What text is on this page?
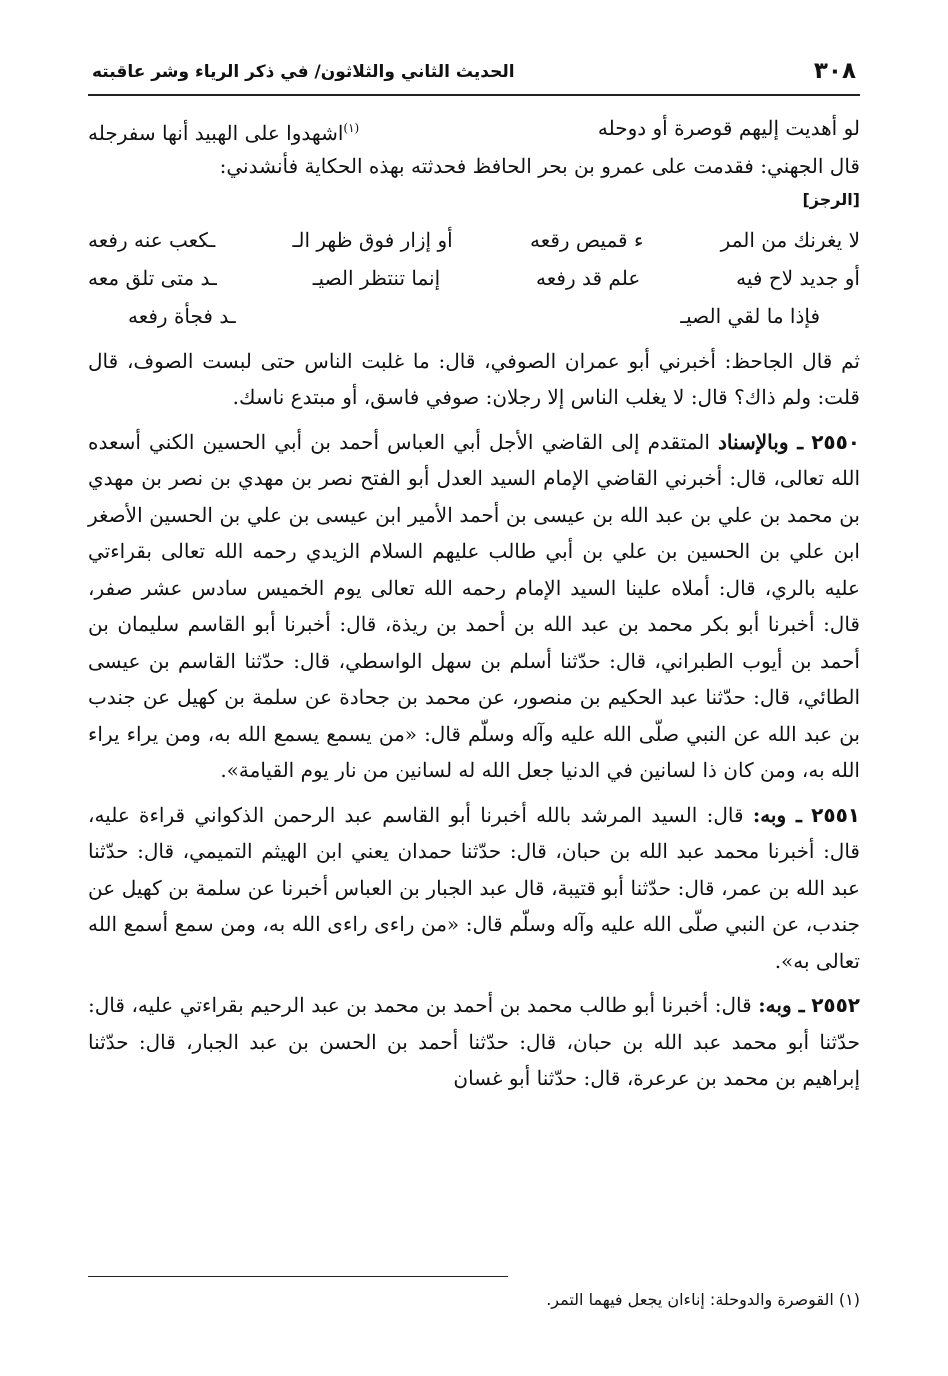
٣٠٨
الحديث الثاني والثلاثون/ في ذكر الرياء وشر عاقبته
لو أهديت إليهم قوصرة أو دوحله
(١)اشهدوا على الهبيد أنها سفرجله

قال الجهني: فقدمت على عمرو بن بحر الحافظ فحدثته بهذه الحكاية فأنشدني:

[الرجز]
لا يغرنك من المر
ء قميص رقعه
أو إزار فوق ظهر الـ
ـكعب عنه رفعه
أو جديد لاح فيه
علم قد رفعه
إنما تنتظر الصيـ
ـد متى تلق معه
فإذا ما لقي الصيـ
ـد فجأة رفعه

ثم قال الجاحظ: أخبرني أبو عمران الصوفي، قال: ما غلبت الناس حتى لبست الصوف، قال قلت: ولم ذاك؟ قال: لا يغلب الناس إلا رجلان: صوفي فاسق، أو مبتدع ناسك.

٢٥٥٠ ـ وبالإسناد المتقدم إلى القاضي الأجل أبي العباس أحمد بن أبي الحسين الكني أسعده الله تعالى، قال: أخبرني القاضي الإمام السيد العدل أبو الفتح نصر بن مهدي بن نصر بن مهدي بن محمد بن علي بن عبد الله بن عيسى بن أحمد الأمير ابن عيسى بن علي بن الحسين الأصغر ابن علي بن الحسين بن علي بن أبي طالب عليهم السلام الزيدي رحمه الله تعالى بقراءتي عليه بالري، قال: أملاه علينا السيد الإمام رحمه الله تعالى يوم الخميس سادس عشر صفر، قال: أخبرنا أبو بكر محمد بن عبد الله بن أحمد بن ريذة، قال: أخبرنا أبو القاسم سليمان بن أحمد بن أيوب الطبراني، قال: حدّثنا أسلم بن سهل الواسطي، قال: حدّثنا القاسم بن عيسى الطائي، قال: حدّثنا عبد الحكيم بن منصور، عن محمد بن جحادة عن سلمة بن كهيل عن جندب بن عبد الله عن النبي صلّى الله عليه وآله وسلّم قال: «من يسمع يسمع الله به، ومن يراء يراء الله به، ومن كان ذا لسانين في الدنيا جعل الله له لسانين من نار يوم القيامة».

٢٥٥١ ـ وبه: قال: السيد المرشد بالله أخبرنا أبو القاسم عبد الرحمن الذكواني قراءة عليه، قال: أخبرنا محمد عبد الله بن حبان، قال: حدّثنا حمدان يعني ابن الهيثم التميمي، قال: حدّثنا عبد الله بن عمر، قال: حدّثنا أبو قتيبة، قال عبد الجبار بن العباس أخبرنا عن سلمة بن كهيل عن جندب، عن النبي صلّى الله عليه وآله وسلّم قال: «من راءى راءى الله به، ومن سمع أسمع الله تعالى به».

٢٥٥٢ ـ وبه: قال: أخبرنا أبو طالب محمد بن أحمد بن محمد بن عبد الرحيم بقراءتي عليه، قال: حدّثنا أبو محمد عبد الله بن حبان، قال: حدّثنا أحمد بن الحسن بن عبد الجبار، قال: حدّثنا إبراهيم بن محمد بن عرعرة، قال: حدّثنا أبو غسان

(١) القوصرة والدوحلة: إناءان يجعل فيهما التمر.
